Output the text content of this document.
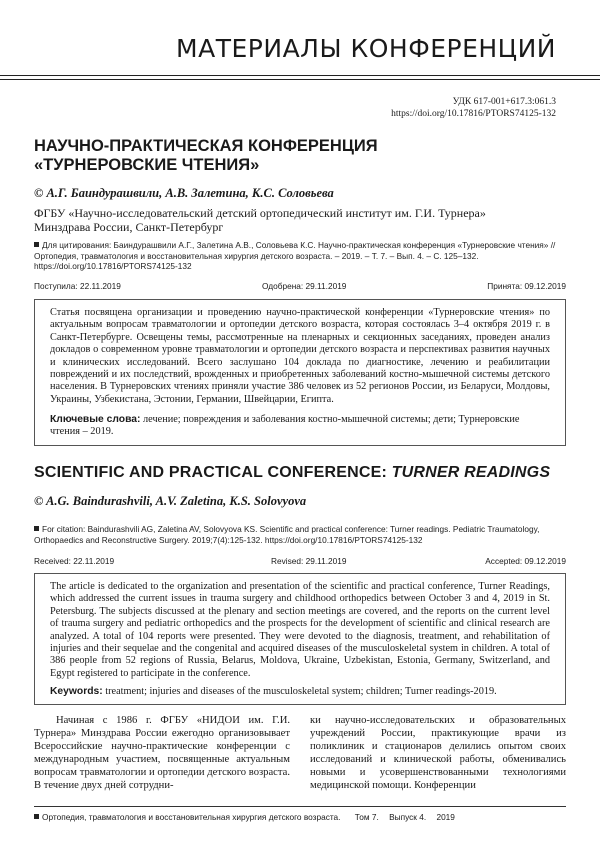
МАТЕРИАЛЫ КОНФЕРЕНЦИЙ
УДК 617-001+617.3:061.3
https://doi.org/10.17816/PTORS74125-132
НАУЧНО-ПРАКТИЧЕСКАЯ КОНФЕРЕНЦИЯ
«ТУРНЕРОВСКИЕ ЧТЕНИЯ»
© А.Г. Баиндурашвили, А.В. Залетина, К.С. Соловьева
ФГБУ «Научно-исследовательский детский ортопедический институт им. Г.И. Турнера»
Минздрава России, Санкт-Петербург
Для цитирования: Баиндурашвили А.Г., Залетина А.В., Соловьева К.С. Научно-практическая конференция «Турнеровские чтения» // Ортопедия, травматология и восстановительная хирургия детского возраста. – 2019. – Т. 7. – Вып. 4. – С. 125–132. https://doi.org/10.17816/PTORS74125-132
Поступила: 22.11.2019	Одобрена: 29.11.2019	Принята: 09.12.2019
Статья посвящена организации и проведению научно-практической конференции «Турнеровские чтения» по актуальным вопросам травматологии и ортопедии детского возраста, которая состоялась 3–4 октября 2019 г. в Санкт-Петербурге. Освещены темы, рассмотренные на пленарных и секционных заседаниях, проведен анализ докладов о современном уровне травматологии и ортопедии детского возраста и перспективах развития научных и клинических исследований. Всего заслушано 104 доклада по диагностике, лечению и реабилитации повреждений и их последствий, врожденных и приобретенных заболеваний костно-мышечной системы детского населения. В Турнеровских чтениях приняли участие 386 человек из 52 регионов России, из Беларуси, Молдовы, Украины, Узбекистана, Эстонии, Германии, Швейцарии, Египта.
Ключевые слова: лечение; повреждения и заболевания костно-мышечной системы; дети; Турнеровские чтения – 2019.
SCIENTIFIC AND PRACTICAL CONFERENCE: TURNER READINGS
© A.G. Baindurashvili, A.V. Zaletina, K.S. Solovyova
For citation: Baindurashvili AG, Zaletina AV, Solovyova KS. Scientific and practical conference: Turner readings. Pediatric Traumatology, Orthopaedics and Reconstructive Surgery. 2019;7(4):125-132. https://doi.org/10.17816/PTORS74125-132
Received: 22.11.2019	Revised: 29.11.2019	Accepted: 09.12.2019
The article is dedicated to the organization and presentation of the scientific and practical conference, Turner Readings, which addressed the current issues in trauma surgery and childhood orthopedics between October 3 and 4, 2019 in St. Petersburg. The subjects discussed at the plenary and section meetings are covered, and the reports on the current level of trauma surgery and pediatric orthopedics and the prospects for the development of scientific and clinical research are analyzed. A total of 104 reports were presented. They were devoted to the diagnosis, treatment, and rehabilitation of injuries and their sequelae and the congenital and acquired diseases of the musculoskeletal system in children. A total of 386 people from 52 regions of Russia, Belarus, Moldova, Ukraine, Uzbekistan, Estonia, Germany, Switzerland, and Egypt registered to participate in the conference.
Keywords: treatment; injuries and diseases of the musculoskeletal system; children; Turner readings-2019.

Начиная с 1986 г. ФГБУ «НИДОИ им. Г.И. Турнера» Минздрава России ежегодно организовывает Всероссийские научно-практические конференции с международным участием, посвященные актуальным вопросам травматологии и ортопедии детского возраста. В течение двух дней сотрудни-

ки научно-исследовательских и образовательных учреждений России, практикующие врачи из поликлиник и стационаров делились опытом своих исследований и клинической работы, обменивались новыми и усовершенствованными технологиями медицинской помощи. Конференции

Ортопедия, травматология и восстановительная хирургия детского возраста. Том 7. Выпуск 4. 2019
